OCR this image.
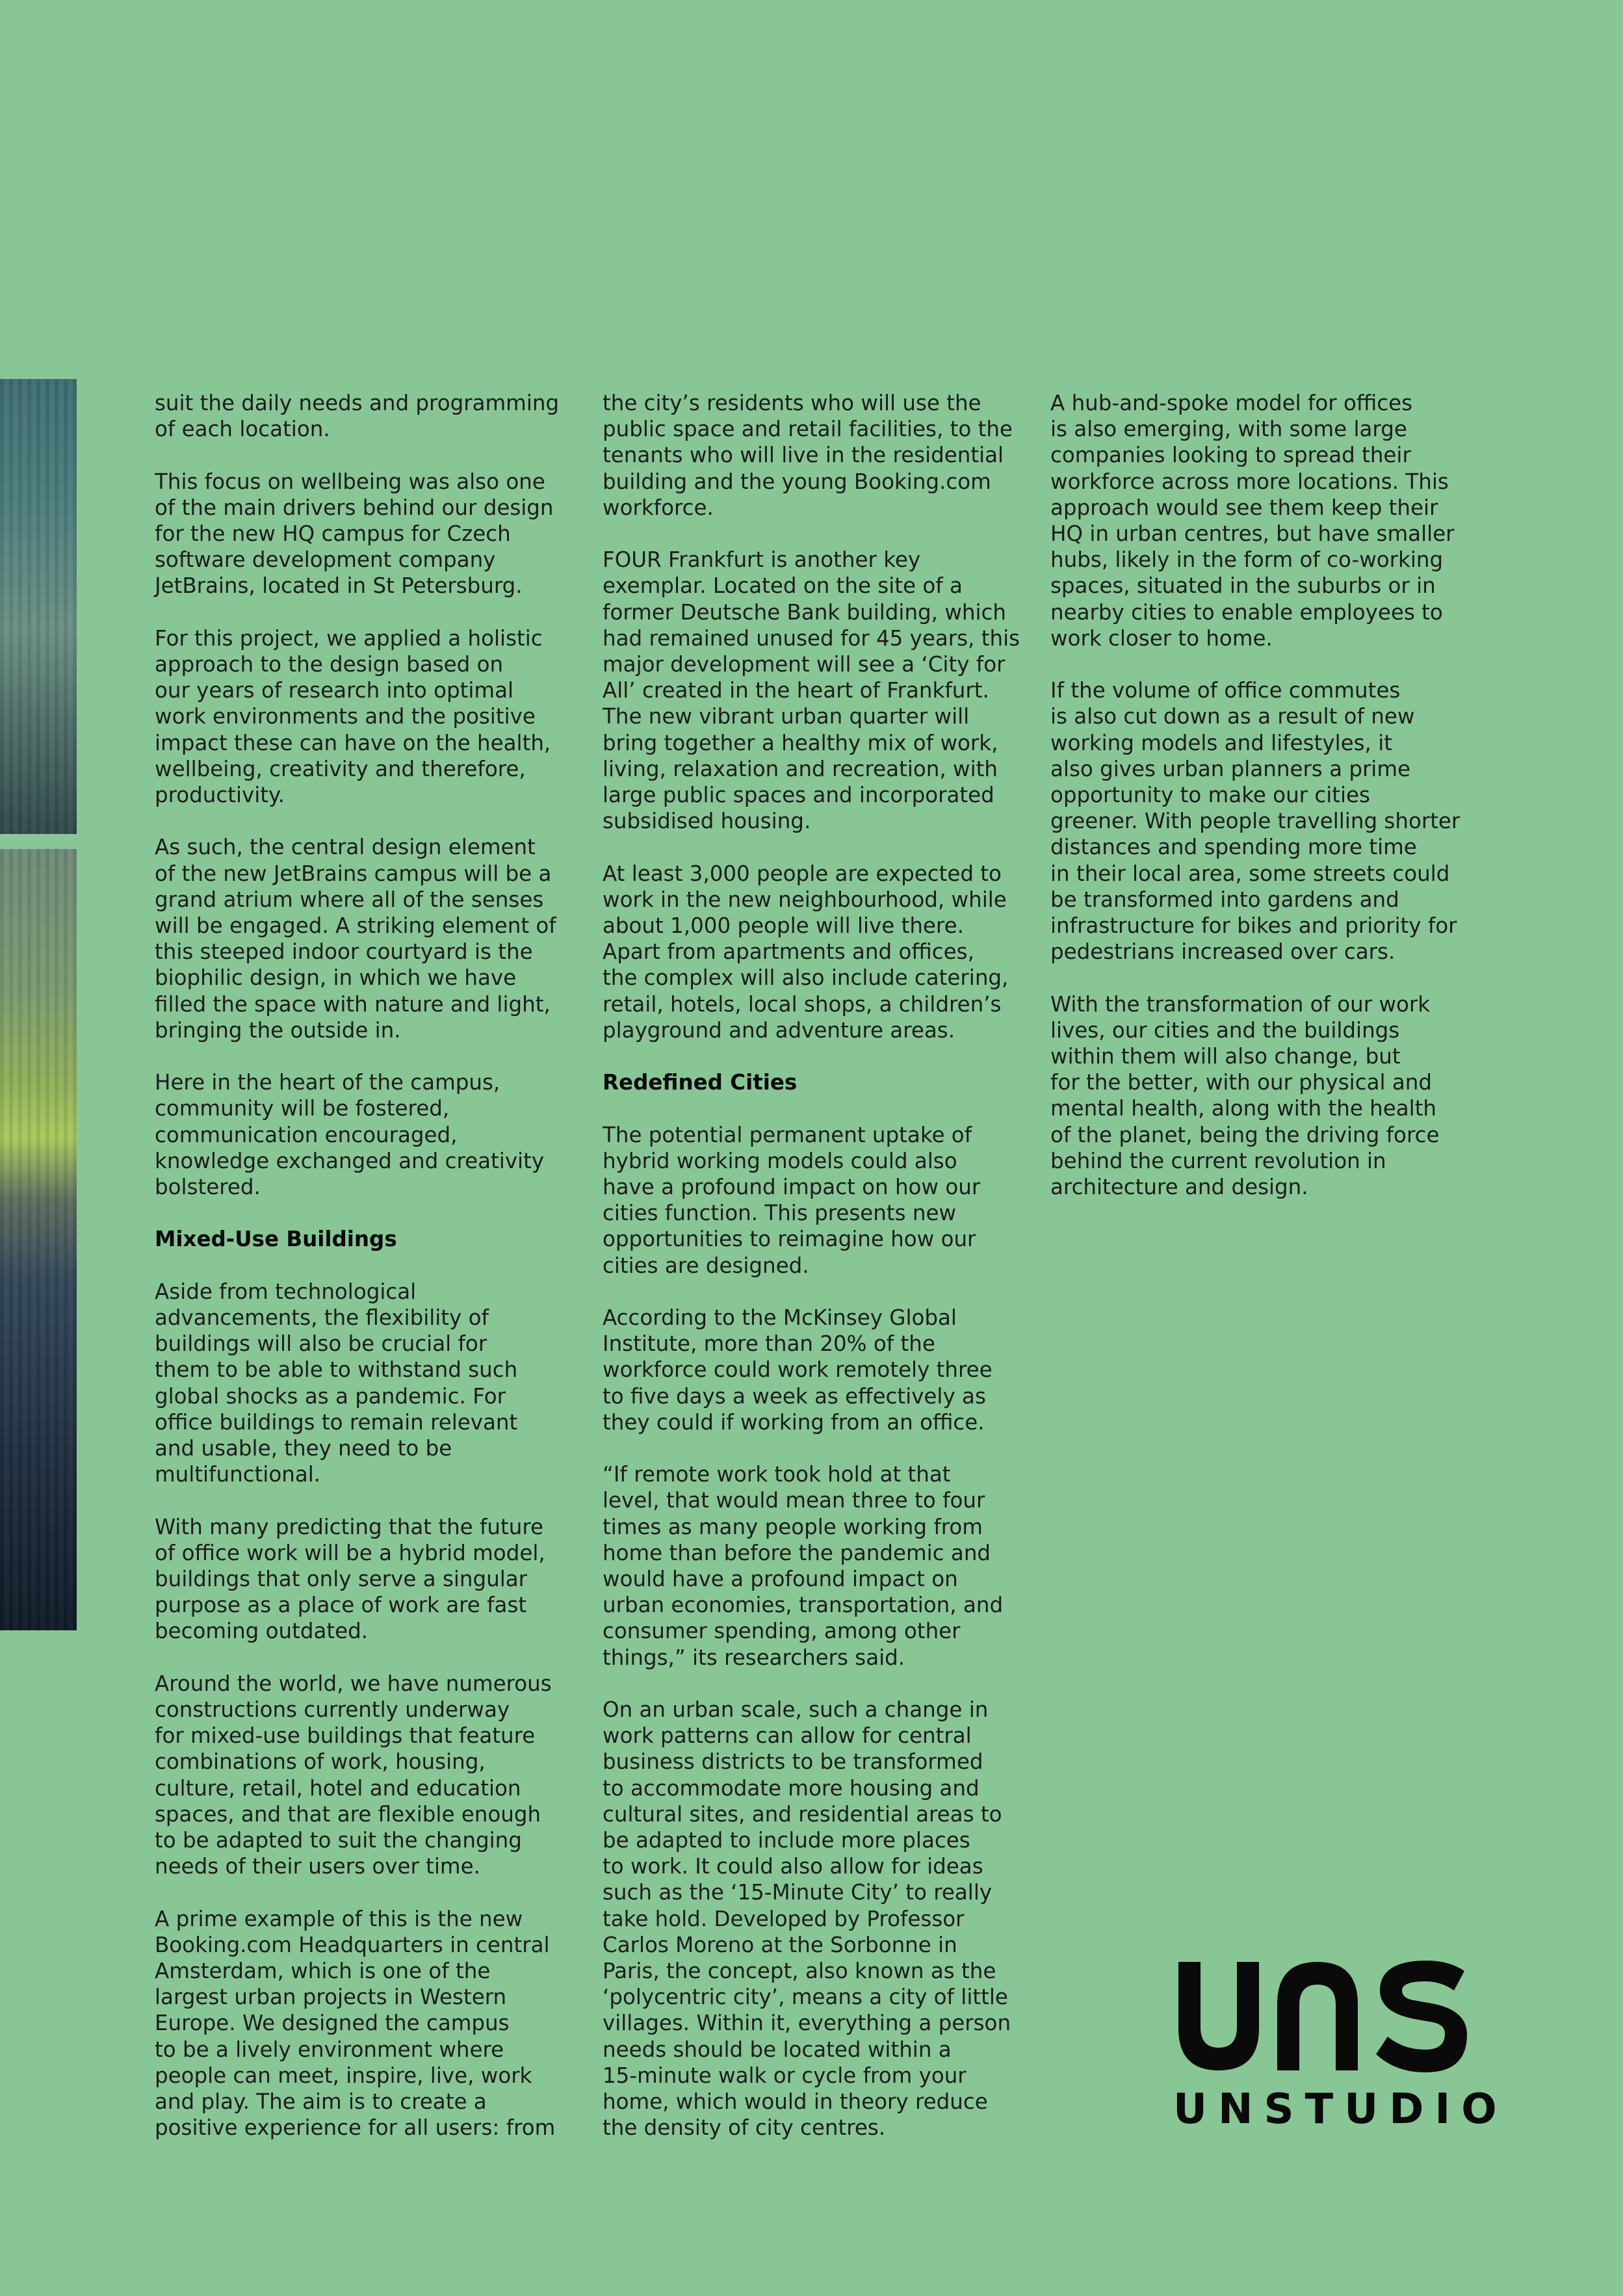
suit the daily needs and programming
of each location.

This focus on wellbeing was also one
of the main drivers behind our design
for the new HQ campus for Czech
software development company
JetBrains, located in St Petersburg.

For this project, we applied a holistic
approach to the design based on
our years of research into optimal
work environments and the positive
impact these can have on the health,
wellbeing, creativity and therefore,
productivity.

As such, the central design element
of the new JetBrains campus will be a
grand atrium where all of the senses
will be engaged. A striking element of
this steeped indoor courtyard is the
biophilic design, in which we have
filled the space with nature and light,
bringing the outside in.

Here in the heart of the campus,
community will be fostered,
communication encouraged,
knowledge exchanged and creativity
bolstered.

Mixed-Use Buildings

Aside from technological
advancements, the flexibility of
buildings will also be crucial for
them to be able to withstand such
global shocks as a pandemic. For
office buildings to remain relevant
and usable, they need to be
multifunctional.

With many predicting that the future
of office work will be a hybrid model,
buildings that only serve a singular
purpose as a place of work are fast
becoming outdated.

Around the world, we have numerous
constructions currently underway
for mixed-use buildings that feature
combinations of work, housing,
culture, retail, hotel and education
spaces, and that are flexible enough
to be adapted to suit the changing
needs of their users over time.

A prime example of this is the new
Booking.com Headquarters in central
Amsterdam, which is one of the
largest urban projects in Western
Europe. We designed the campus
to be a lively environment where
people can meet, inspire, live, work
and play. The aim is to create a
positive experience for all users: from

the city’s residents who will use the
public space and retail facilities, to the
tenants who will live in the residential
building and the young Booking.com
workforce.

FOUR Frankfurt is another key
exemplar. Located on the site of a
former Deutsche Bank building, which
had remained unused for 45 years, this
major development will see a ‘City for
All’ created in the heart of Frankfurt.
The new vibrant urban quarter will
bring together a healthy mix of work,
living, relaxation and recreation, with
large public spaces and incorporated
subsidised housing.

At least 3,000 people are expected to
work in the new neighbourhood, while
about 1,000 people will live there.
Apart from apartments and offices,
the complex will also include catering,
retail, hotels, local shops, a children’s
playground and adventure areas.

Redefined Cities

The potential permanent uptake of
hybrid working models could also
have a profound impact on how our
cities function. This presents new
opportunities to reimagine how our
cities are designed.

According to the McKinsey Global
Institute, more than 20% of the
workforce could work remotely three
to five days a week as effectively as
they could if working from an office.

“If remote work took hold at that
level, that would mean three to four
times as many people working from
home than before the pandemic and
would have a profound impact on
urban economies, transportation, and
consumer spending, among other
things,” its researchers said.

On an urban scale, such a change in
work patterns can allow for central
business districts to be transformed
to accommodate more housing and
cultural sites, and residential areas to
be adapted to include more places
to work. It could also allow for ideas
such as the ‘15-Minute City’ to really
take hold. Developed by Professor
Carlos Moreno at the Sorbonne in
Paris, the concept, also known as the
‘polycentric city’, means a city of little
villages. Within it, everything a person
needs should be located within a
15-minute walk or cycle from your
home, which would in theory reduce
the density of city centres.

A hub-and-spoke model for offices
is also emerging, with some large
companies looking to spread their
workforce across more locations. This
approach would see them keep their
HQ in urban centres, but have smaller
hubs, likely in the form of co-working
spaces, situated in the suburbs or in
nearby cities to enable employees to
work closer to home.

If the volume of office commutes
is also cut down as a result of new
working models and lifestyles, it
also gives urban planners a prime
opportunity to make our cities
greener. With people travelling shorter
distances and spending more time
in their local area, some streets could
be transformed into gardens and
infrastructure for bikes and priority for
pedestrians increased over cars.

With the transformation of our work
lives, our cities and the buildings
within them will also change, but
for the better, with our physical and
mental health, along with the health
of the planet, being the driving force
behind the current revolution in
architecture and design.

UNSTUDIO
